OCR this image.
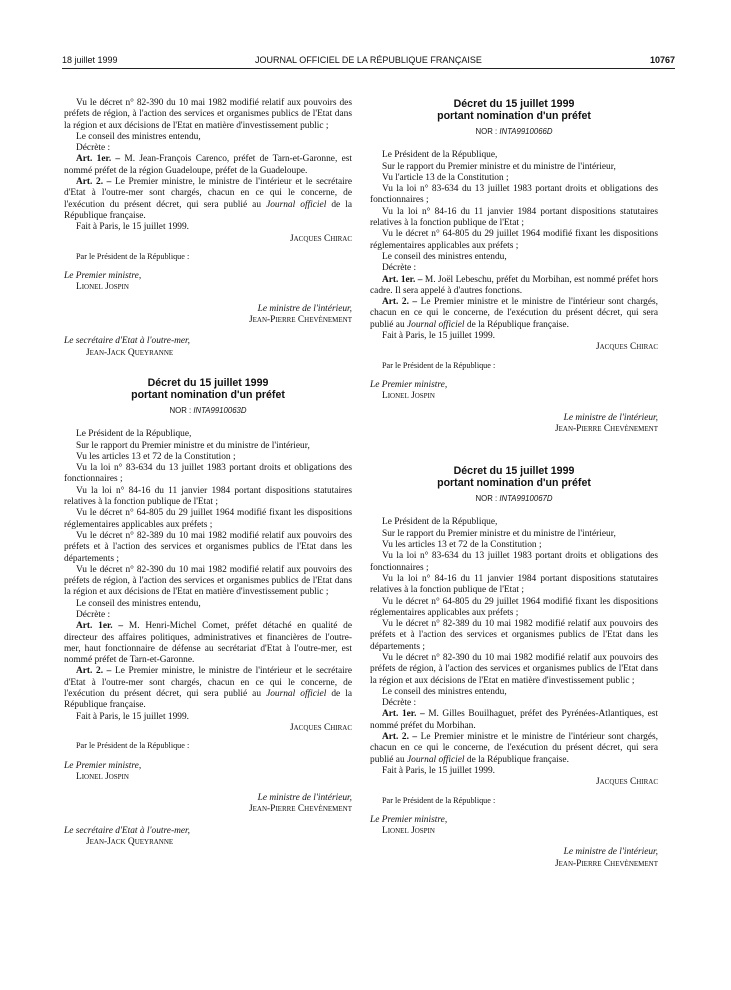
18 juillet 1999	JOURNAL OFFICIEL DE LA RÉPUBLIQUE FRANÇAISE	10767

Vu le décret n° 82-390 du 10 mai 1982 modifié relatif aux pouvoirs des préfets de région, à l'action des services et organismes publics de l'Etat dans la région et aux décisions de l'Etat en matière d'investissement public ;

Le conseil des ministres entendu,

Décrète :

Art. 1er. – M. Jean-François Carenco, préfet de Tarn-et-Garonne, est nommé préfet de la région Guadeloupe, préfet de la Guadeloupe.

Art. 2. – Le Premier ministre, le ministre de l'intérieur et le secrétaire d'Etat à l'outre-mer sont chargés, chacun en ce qui le concerne, de l'exécution du présent décret, qui sera publié au Journal officiel de la République française.

Fait à Paris, le 15 juillet 1999.

Jacques Chirac
Par le Président de la République :
Le Premier ministre,
Lionel Jospin
Le ministre de l'intérieur,
Jean-Pierre Chevènement
Le secrétaire d'Etat à l'outre-mer,
Jean-Jack Queyranne
Décret du 15 juillet 1999
portant nomination d'un préfet
NOR : INTA9910063D

Le Président de la République,

Sur le rapport du Premier ministre et du ministre de l'intérieur,

Vu les articles 13 et 72 de la Constitution ;

Vu la loi n° 83-634 du 13 juillet 1983 portant droits et obligations des fonctionnaires ;

Vu la loi n° 84-16 du 11 janvier 1984 portant dispositions statutaires relatives à la fonction publique de l'Etat ;

Vu le décret n° 64-805 du 29 juillet 1964 modifié fixant les dispositions réglementaires applicables aux préfets ;

Vu le décret n° 82-389 du 10 mai 1982 modifié relatif aux pouvoirs des préfets et à l'action des services et organismes publics de l'Etat dans les départements ;

Vu le décret n° 82-390 du 10 mai 1982 modifié relatif aux pouvoirs des préfets de région, à l'action des services et organismes publics de l'Etat dans la région et aux décisions de l'Etat en matière d'investissement public ;

Le conseil des ministres entendu,

Décrète :

Art. 1er. – M. Henri-Michel Comet, préfet détaché en qualité de directeur des affaires politiques, administratives et financières de l'outre-mer, haut fonctionnaire de défense au secrétariat d'Etat à l'outre-mer, est nommé préfet de Tarn-et-Garonne.

Art. 2. – Le Premier ministre, le ministre de l'intérieur et le secrétaire d'Etat à l'outre-mer sont chargés, chacun en ce qui le concerne, de l'exécution du présent décret, qui sera publié au Journal officiel de la République française.

Fait à Paris, le 15 juillet 1999.

Jacques Chirac
Par le Président de la République :
Le Premier ministre,
Lionel Jospin
Le ministre de l'intérieur,
Jean-Pierre Chevènement
Le secrétaire d'Etat à l'outre-mer,
Jean-Jack Queyranne
Décret du 15 juillet 1999
portant nomination d'un préfet
NOR : INTA9910066D

Le Président de la République,

Sur le rapport du Premier ministre et du ministre de l'intérieur,

Vu l'article 13 de la Constitution ;

Vu la loi n° 83-634 du 13 juillet 1983 portant droits et obligations des fonctionnaires ;

Vu la loi n° 84-16 du 11 janvier 1984 portant dispositions statutaires relatives à la fonction publique de l'Etat ;

Vu le décret n° 64-805 du 29 juillet 1964 modifié fixant les dispositions réglementaires applicables aux préfets ;

Le conseil des ministres entendu,

Décrète :

Art. 1er. – M. Joël Lebeschu, préfet du Morbihan, est nommé préfet hors cadre. Il sera appelé à d'autres fonctions.

Art. 2. – Le Premier ministre et le ministre de l'intérieur sont chargés, chacun en ce qui le concerne, de l'exécution du présent décret, qui sera publié au Journal officiel de la République française.

Fait à Paris, le 15 juillet 1999.

Jacques Chirac
Par le Président de la République :
Le Premier ministre,
Lionel Jospin
Le ministre de l'intérieur,
Jean-Pierre Chevènement
Décret du 15 juillet 1999
portant nomination d'un préfet
NOR : INTA9910067D

Le Président de la République,

Sur le rapport du Premier ministre et du ministre de l'intérieur,

Vu les articles 13 et 72 de la Constitution ;

Vu la loi n° 83-634 du 13 juillet 1983 portant droits et obligations des fonctionnaires ;

Vu la loi n° 84-16 du 11 janvier 1984 portant dispositions statutaires relatives à la fonction publique de l'Etat ;

Vu le décret n° 64-805 du 29 juillet 1964 modifié fixant les dispositions réglementaires applicables aux préfets ;

Vu le décret n° 82-389 du 10 mai 1982 modifié relatif aux pouvoirs des préfets et à l'action des services et organismes publics de l'Etat dans les départements ;

Vu le décret n° 82-390 du 10 mai 1982 modifié relatif aux pouvoirs des préfets de région, à l'action des services et organismes publics de l'Etat dans la région et aux décisions de l'Etat en matière d'investissement public ;

Le conseil des ministres entendu,

Décrète :

Art. 1er. – M. Gilles Bouilhaguet, préfet des Pyrénées-Atlantiques, est nommé préfet du Morbihan.

Art. 2. – Le Premier ministre et le ministre de l'intérieur sont chargés, chacun en ce qui le concerne, de l'exécution du présent décret, qui sera publié au Journal officiel de la République française.

Fait à Paris, le 15 juillet 1999.

Jacques Chirac
Par le Président de la République :
Le Premier ministre,
Lionel Jospin
Le ministre de l'intérieur,
Jean-Pierre Chevènement
